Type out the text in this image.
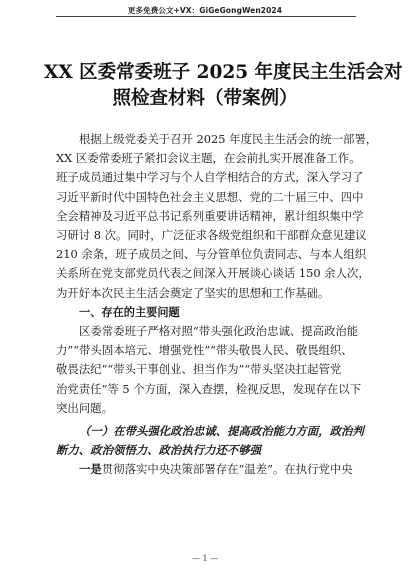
更多免费公文+VX：GiGeGongWen2024
XX 区委常委班子 2025 年度民主生活会对
照检查材料（带案例）

根据上级党委关于召开 2025 年度民主生活会的统一部署，
XX 区委常委班子紧扣会议主题，在会前扎实开展准备工作。
班子成员通过集中学习与个人自学相结合的方式，深入学习了
习近平新时代中国特色社会主义思想、党的二十届三中、四中
全会精神及习近平总书记系列重要讲话精神，累计组织集中学
习研讨 8 次。同时，广泛征求各级党组织和干部群众意见建议
210 余条，班子成员之间、与分管单位负责同志、与本人组织
关系所在党支部党员代表之间深入开展谈心谈话 150 余人次，
为开好本次民主生活会奠定了坚实的思想和工作基础。

一、存在的主要问题

区委常委班子严格对照“带头强化政治忠诚、提高政治能
力”“带头固本培元、增强党性”“带头敬畏人民、敬畏组织、
敬畏法纪”“带头干事创业、担当作为”“带头坚决扛起管党
治党责任”等 5 个方面，深入查摆，检视反思，发现存在以下
突出问题。

（一）在带头强化政治忠诚、提高政治能力方面，政治判
断力、政治领悟力、政治执行力还不够强

一是贯彻落实中央决策部署存在“温差”。在执行党中央

— 1 —
